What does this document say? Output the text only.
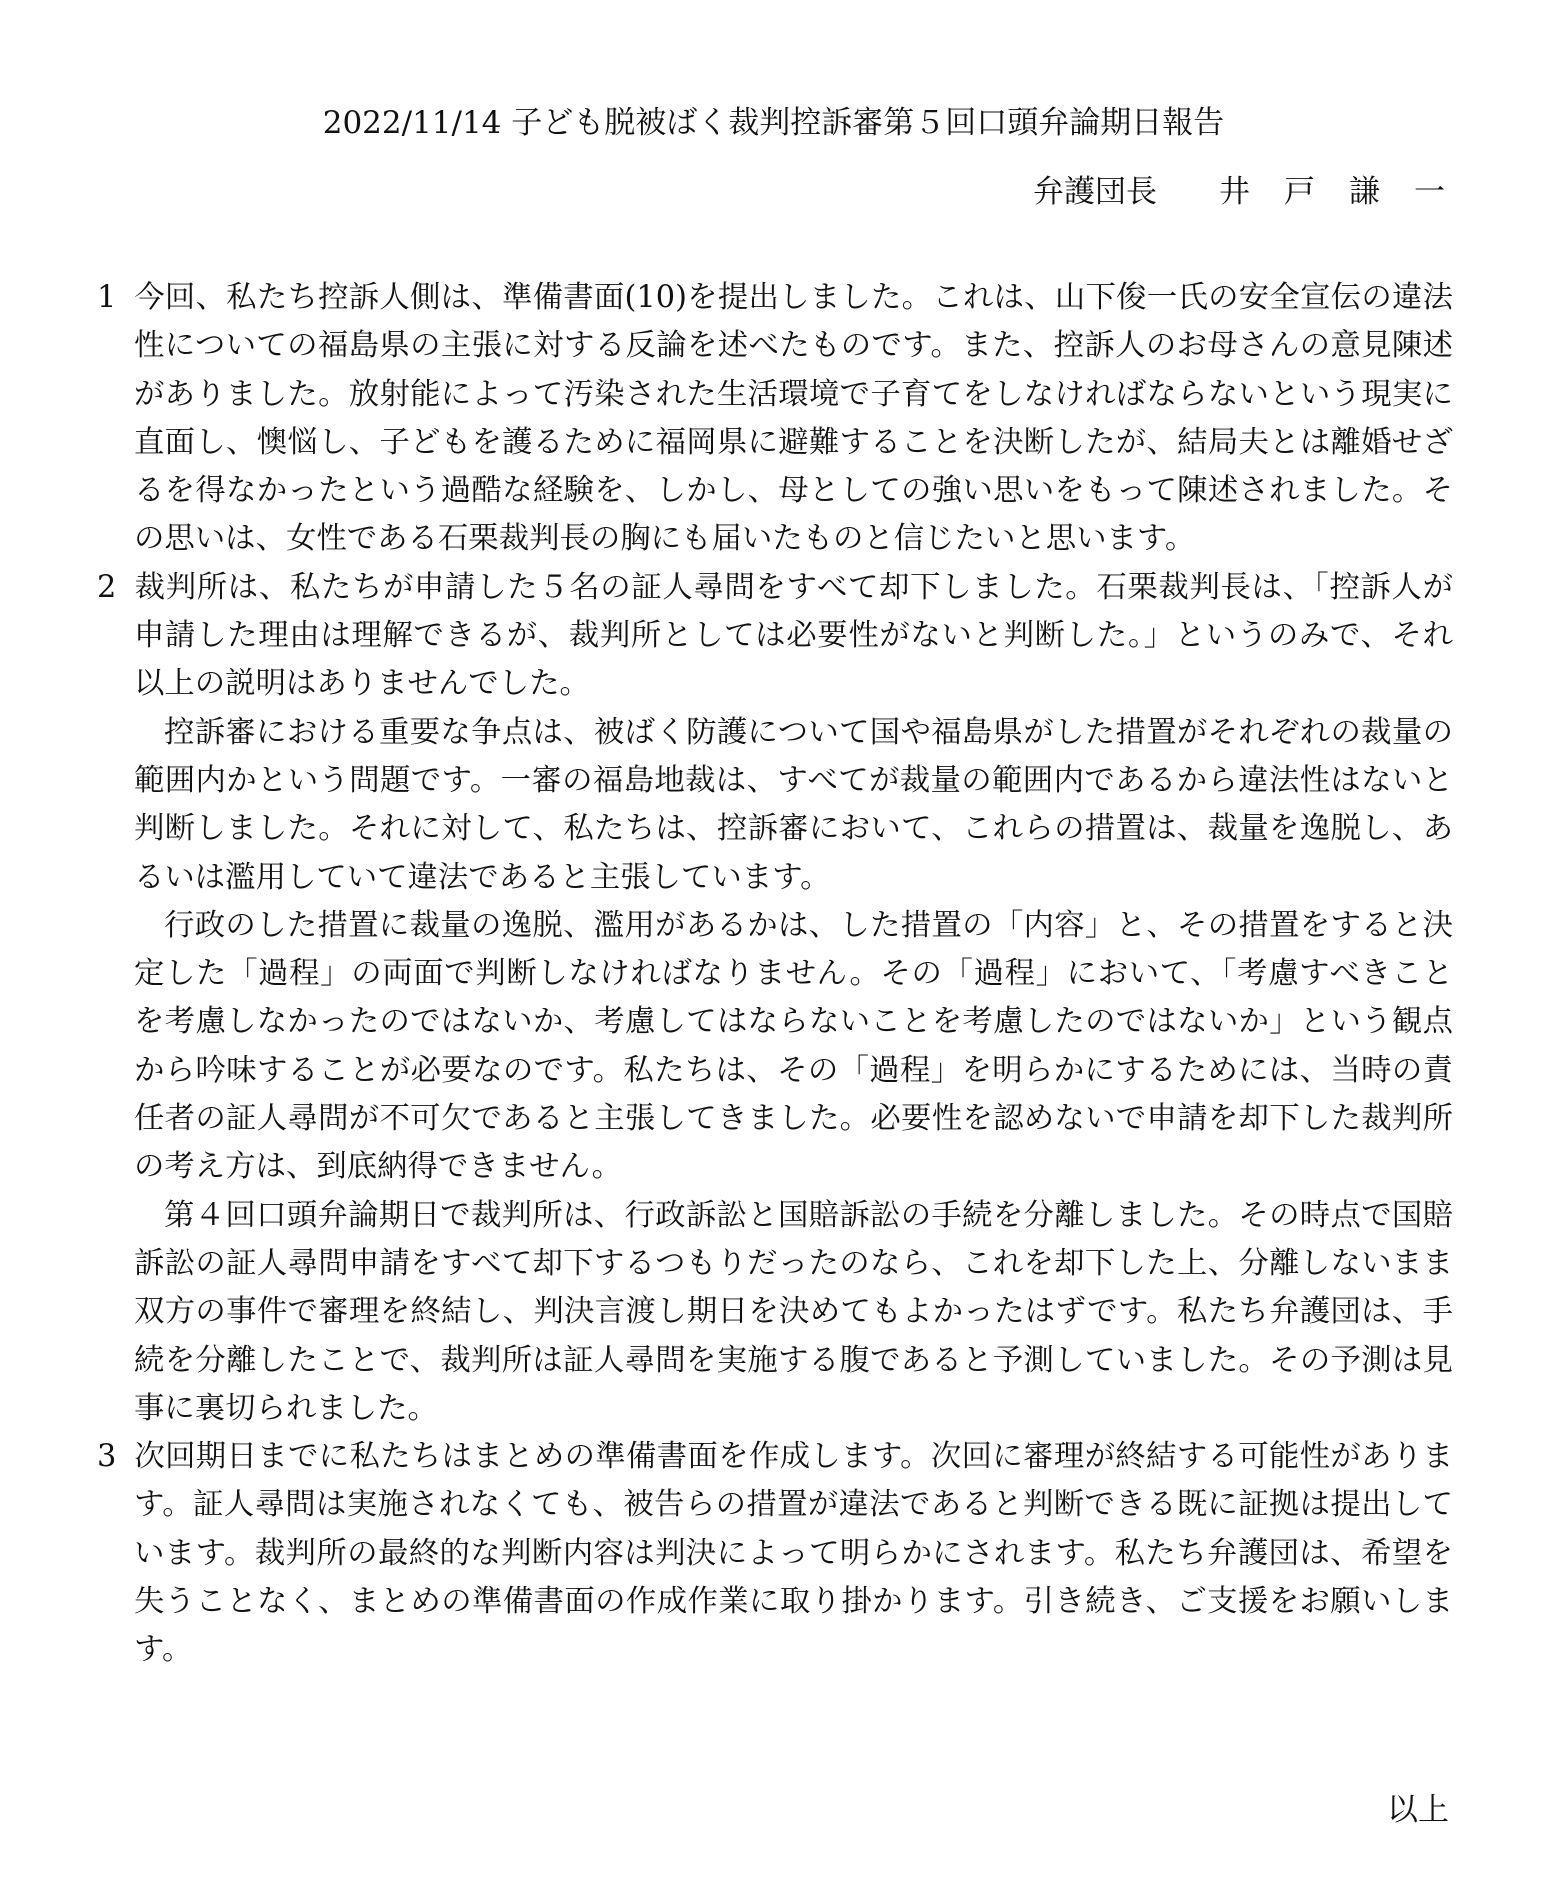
2022/11/14 子ども脱被ばく裁判控訴審第５回口頭弁論期日報告
弁護団長 井戸謙一

1 今回、私たち控訴人側は、準備書面(10)を提出しました。これは、山下俊一氏の安全宣伝の違法性についての福島県の主張に対する反論を述べたものです。また、控訴人のお母さんの意見陳述がありました。放射能によって汚染された生活環境で子育てをしなければならないという現実に直面し、懊悩し、子どもを護るために福岡県に避難することを決断したが、結局夫とは離婚せざるを得なかったという過酷な経験を、しかし、母としての強い思いをもって陳述されました。その思いは、女性である石栗裁判長の胸にも届いたものと信じたいと思います。

2 裁判所は、私たちが申請した５名の証人尋問をすべて却下しました。石栗裁判長は、「控訴人が申請した理由は理解できるが、裁判所としては必要性がないと判断した。」というのみで、それ以上の説明はありませんでした。

控訴審における重要な争点は、被ばく防護について国や福島県がした措置がそれぞれの裁量の範囲内かという問題です。一審の福島地裁は、すべてが裁量の範囲内であるから違法性はないと判断しました。それに対して、私たちは、控訴審において、これらの措置は、裁量を逸脱し、あるいは濫用していて違法であると主張しています。

行政のした措置に裁量の逸脱、濫用があるかは、した措置の「内容」と、その措置をすると決定した「過程」の両面で判断しなければなりません。その「過程」において、「考慮すべきことを考慮しなかったのではないか、考慮してはならないことを考慮したのではないか」という観点から吟味することが必要なのです。私たちは、その「過程」を明らかにするためには、当時の責任者の証人尋問が不可欠であると主張してきました。必要性を認めないで申請を却下した裁判所の考え方は、到底納得できません。

第４回口頭弁論期日で裁判所は、行政訴訟と国賠訴訟の手続を分離しました。その時点で国賠訴訟の証人尋問申請をすべて却下するつもりだったのなら、これを却下した上、分離しないまま双方の事件で審理を終結し、判決言渡し期日を決めてもよかったはずです。私たち弁護団は、手続を分離したことで、裁判所は証人尋問を実施する腹であると予測していました。その予測は見事に裏切られました。

3 次回期日までに私たちはまとめの準備書面を作成します。次回に審理が終結する可能性があります。証人尋問は実施されなくても、被告らの措置が違法であると判断できる既に証拠は提出しています。裁判所の最終的な判断内容は判決によって明らかにされます。私たち弁護団は、希望を失うことなく、まとめの準備書面の作成作業に取り掛かります。引き続き、ご支援をお願いします。

以上
